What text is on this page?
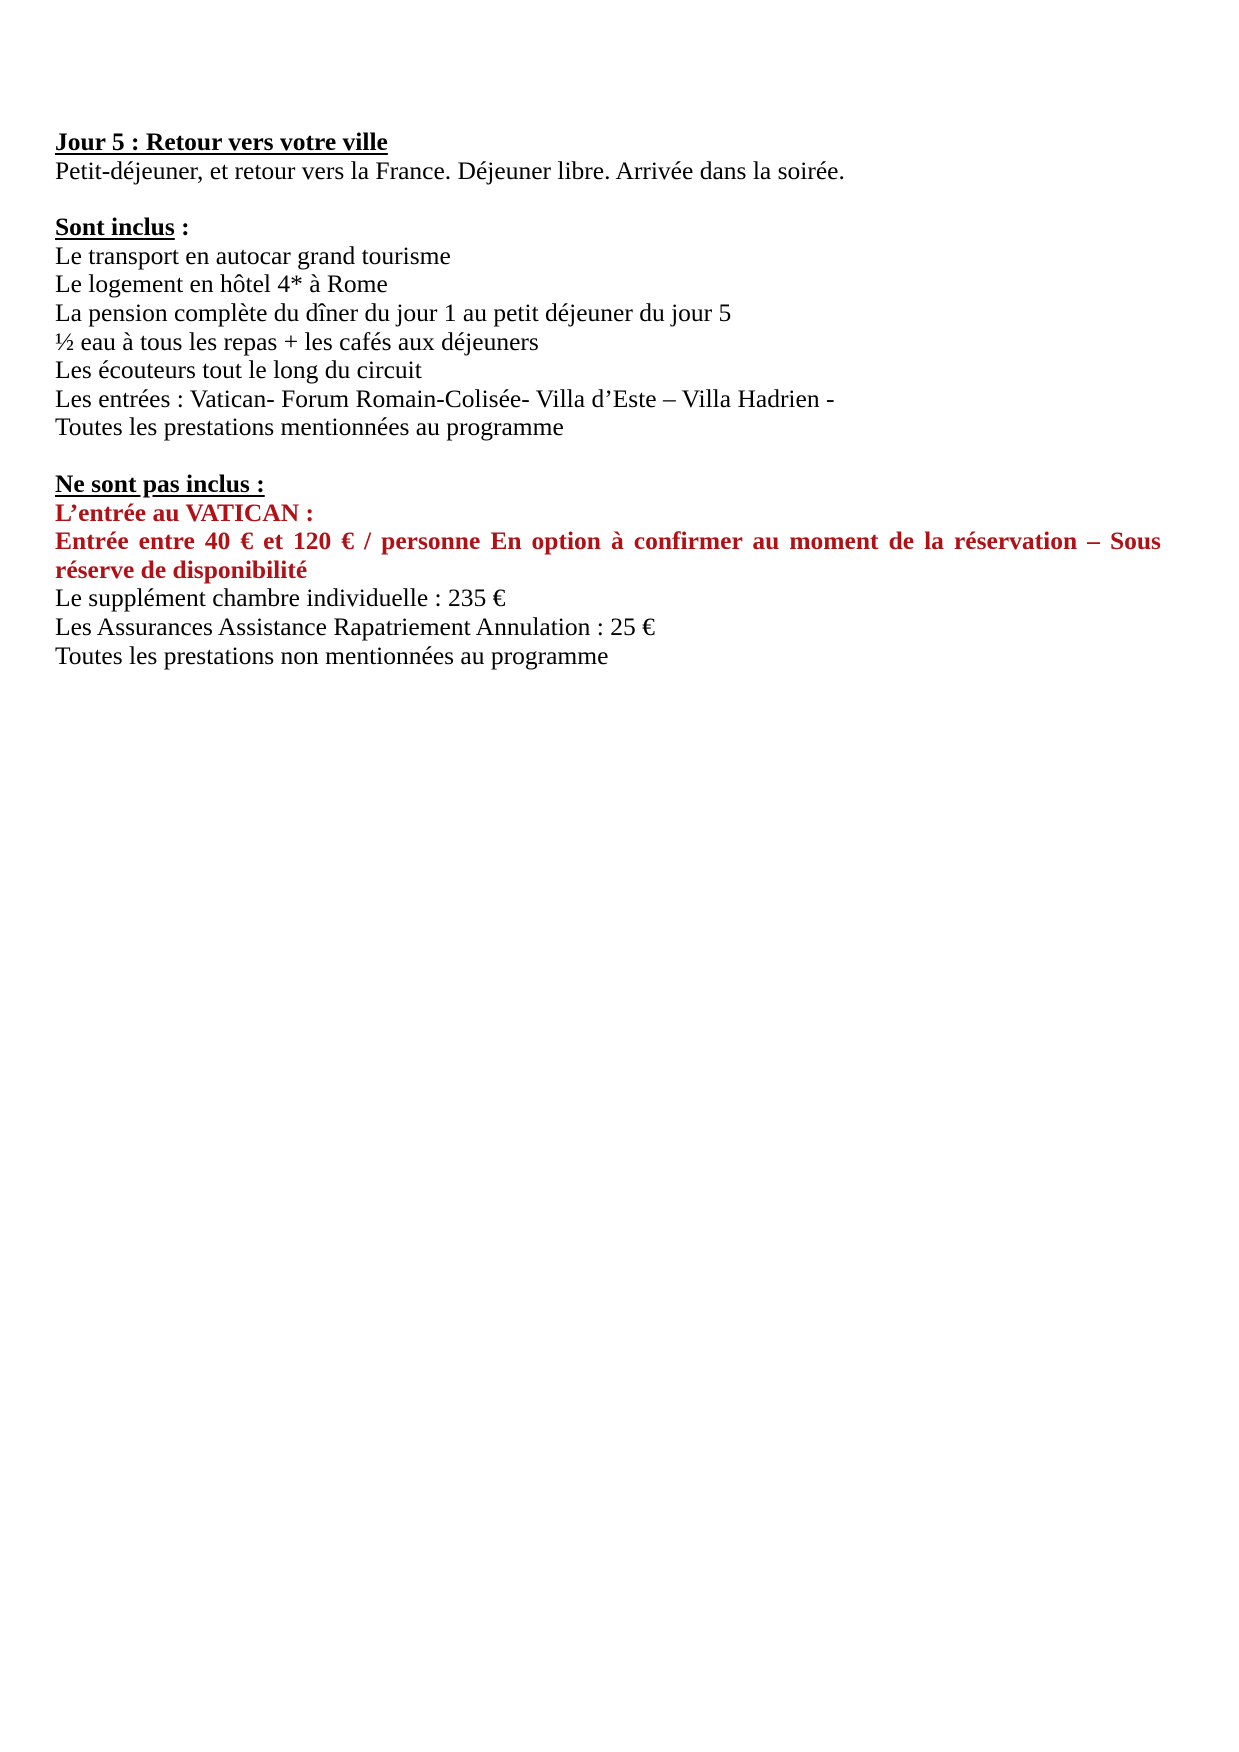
Jour 5 : Retour vers votre ville

Petit-déjeuner, et retour vers la France. Déjeuner libre. Arrivée dans la soirée.

Sont inclus :

Le transport en autocar grand tourisme

Le logement en hôtel 4* à Rome

La pension complète du dîner du jour 1 au petit déjeuner du jour 5

½ eau à tous les repas + les cafés aux déjeuners

Les écouteurs tout le long du circuit

Les entrées : Vatican- Forum Romain-Colisée- Villa d’Este – Villa Hadrien -

Toutes les prestations mentionnées au programme

Ne sont pas inclus :

L’entrée au VATICAN :

Entrée entre 40 € et 120 € / personne En option à confirmer au moment de la réservation – Sous réserve de disponibilité

Le supplément chambre individuelle : 235 €

Les Assurances Assistance Rapatriement Annulation : 25 €

Toutes les prestations non mentionnées au programme
